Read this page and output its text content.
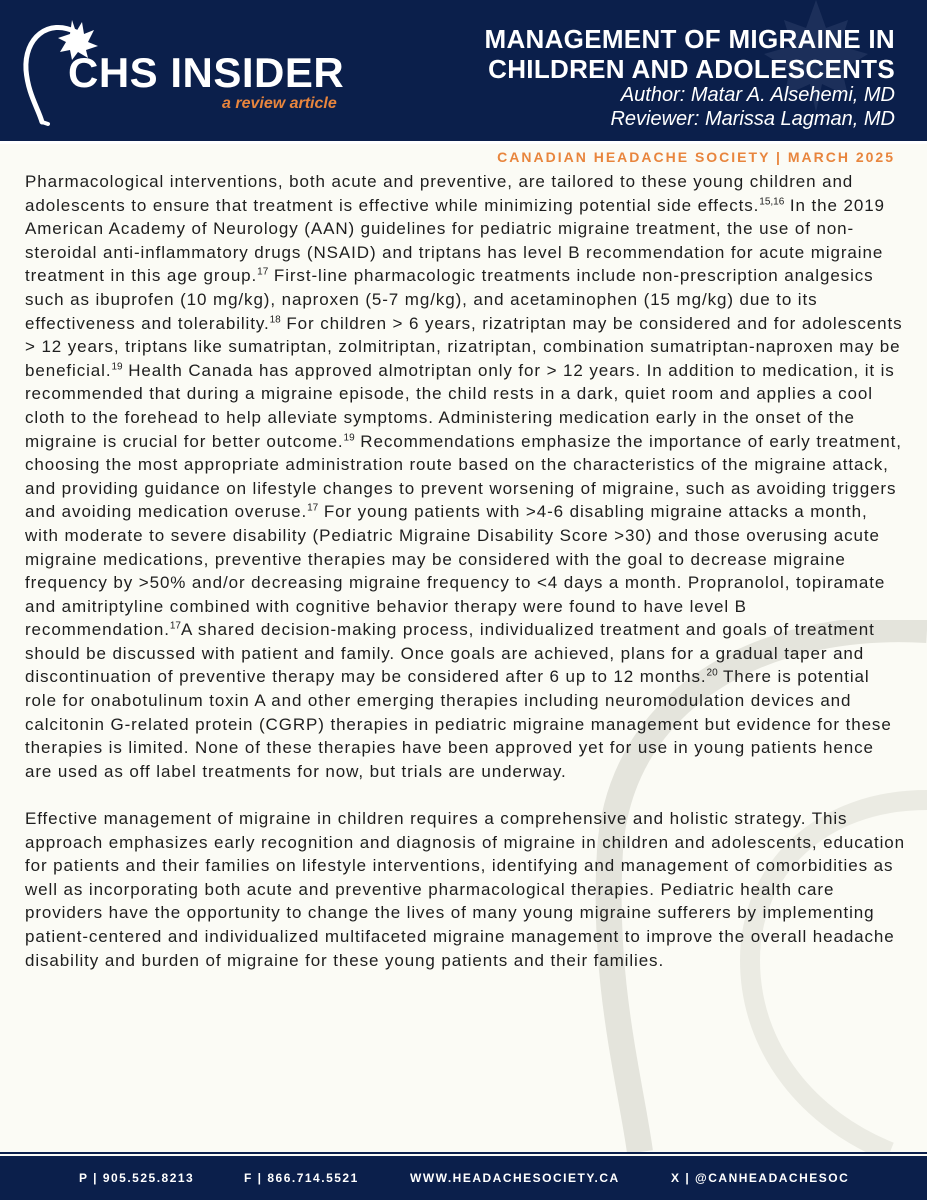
CHS INSIDER
a review article
MANAGEMENT OF MIGRAINE IN
CHILDREN AND ADOLESCENTS
Author: Matar A. Alsehemi, MD
Reviewer: Marissa Lagman, MD
CANADIAN HEADACHE SOCIETY | MARCH 2025

Pharmacological interventions, both acute and preventive, are tailored to these young children and adolescents to ensure that treatment is effective while minimizing potential side effects.$^{15,16}$ In the 2019 American Academy of Neurology (AAN) guidelines for pediatric migraine treatment, the use of non-steroidal anti-inflammatory drugs (NSAID) and triptans has level B recommendation for acute migraine treatment in this age group.$^{17}$ First-line pharmacologic treatments include non-prescription analgesics such as ibuprofen (10 mg/kg), naproxen (5-7 mg/kg), and acetaminophen (15 mg/kg) due to its effectiveness and tolerability.$^{18}$ For children > 6 years, rizatriptan may be considered and for adolescents > 12 years, triptans like sumatriptan, zolmitriptan, rizatriptan, combination sumatriptan-naproxen may be beneficial.$^{19}$ Health Canada has approved almotriptan only for > 12 years. In addition to medication, it is recommended that during a migraine episode, the child rests in a dark, quiet room and applies a cool cloth to the forehead to help alleviate symptoms. Administering medication early in the onset of the migraine is crucial for better outcome.$^{19}$ Recommendations emphasize the importance of early treatment, choosing the most appropriate administration route based on the characteristics of the migraine attack, and providing guidance on lifestyle changes to prevent worsening of migraine, such as avoiding triggers and avoiding medication overuse.$^{17}$ For young patients with >4-6 disabling migraine attacks a month, with moderate to severe disability (Pediatric Migraine Disability Score >30) and those overusing acute migraine medications, preventive therapies may be considered with the goal to decrease migraine frequency by >50% and/or decreasing migraine frequency to <4 days a month. Propranolol, topiramate and amitriptyline combined with cognitive behavior therapy were found to have level B recommendation.$^{17}$A shared decision-making process, individualized treatment and goals of treatment should be discussed with patient and family. Once goals are achieved, plans for a gradual taper and discontinuation of preventive therapy may be considered after 6 up to 12 months.$^{20}$ There is potential role for onabotulinum toxin A and other emerging therapies including neuromodulation devices and calcitonin G-related protein (CGRP) therapies in pediatric migraine management but evidence for these therapies is limited. None of these therapies have been approved yet for use in young patients hence are used as off label treatments for now, but trials are underway.

Effective management of migraine in children requires a comprehensive and holistic strategy. This approach emphasizes early recognition and diagnosis of migraine in children and adolescents, education for patients and their families on lifestyle interventions, identifying and management of comorbidities as well as incorporating both acute and preventive pharmacological therapies. Pediatric health care providers have the opportunity to change the lives of many young migraine sufferers by implementing patient-centered and individualized multifaceted migraine management to improve the overall headache disability and burden of migraine for these young patients and their families.

P | 905.525.8213	F | 866.714.5521	WWW.HEADACHESOCIETY.CA	X | @CANHEADACHESOC
